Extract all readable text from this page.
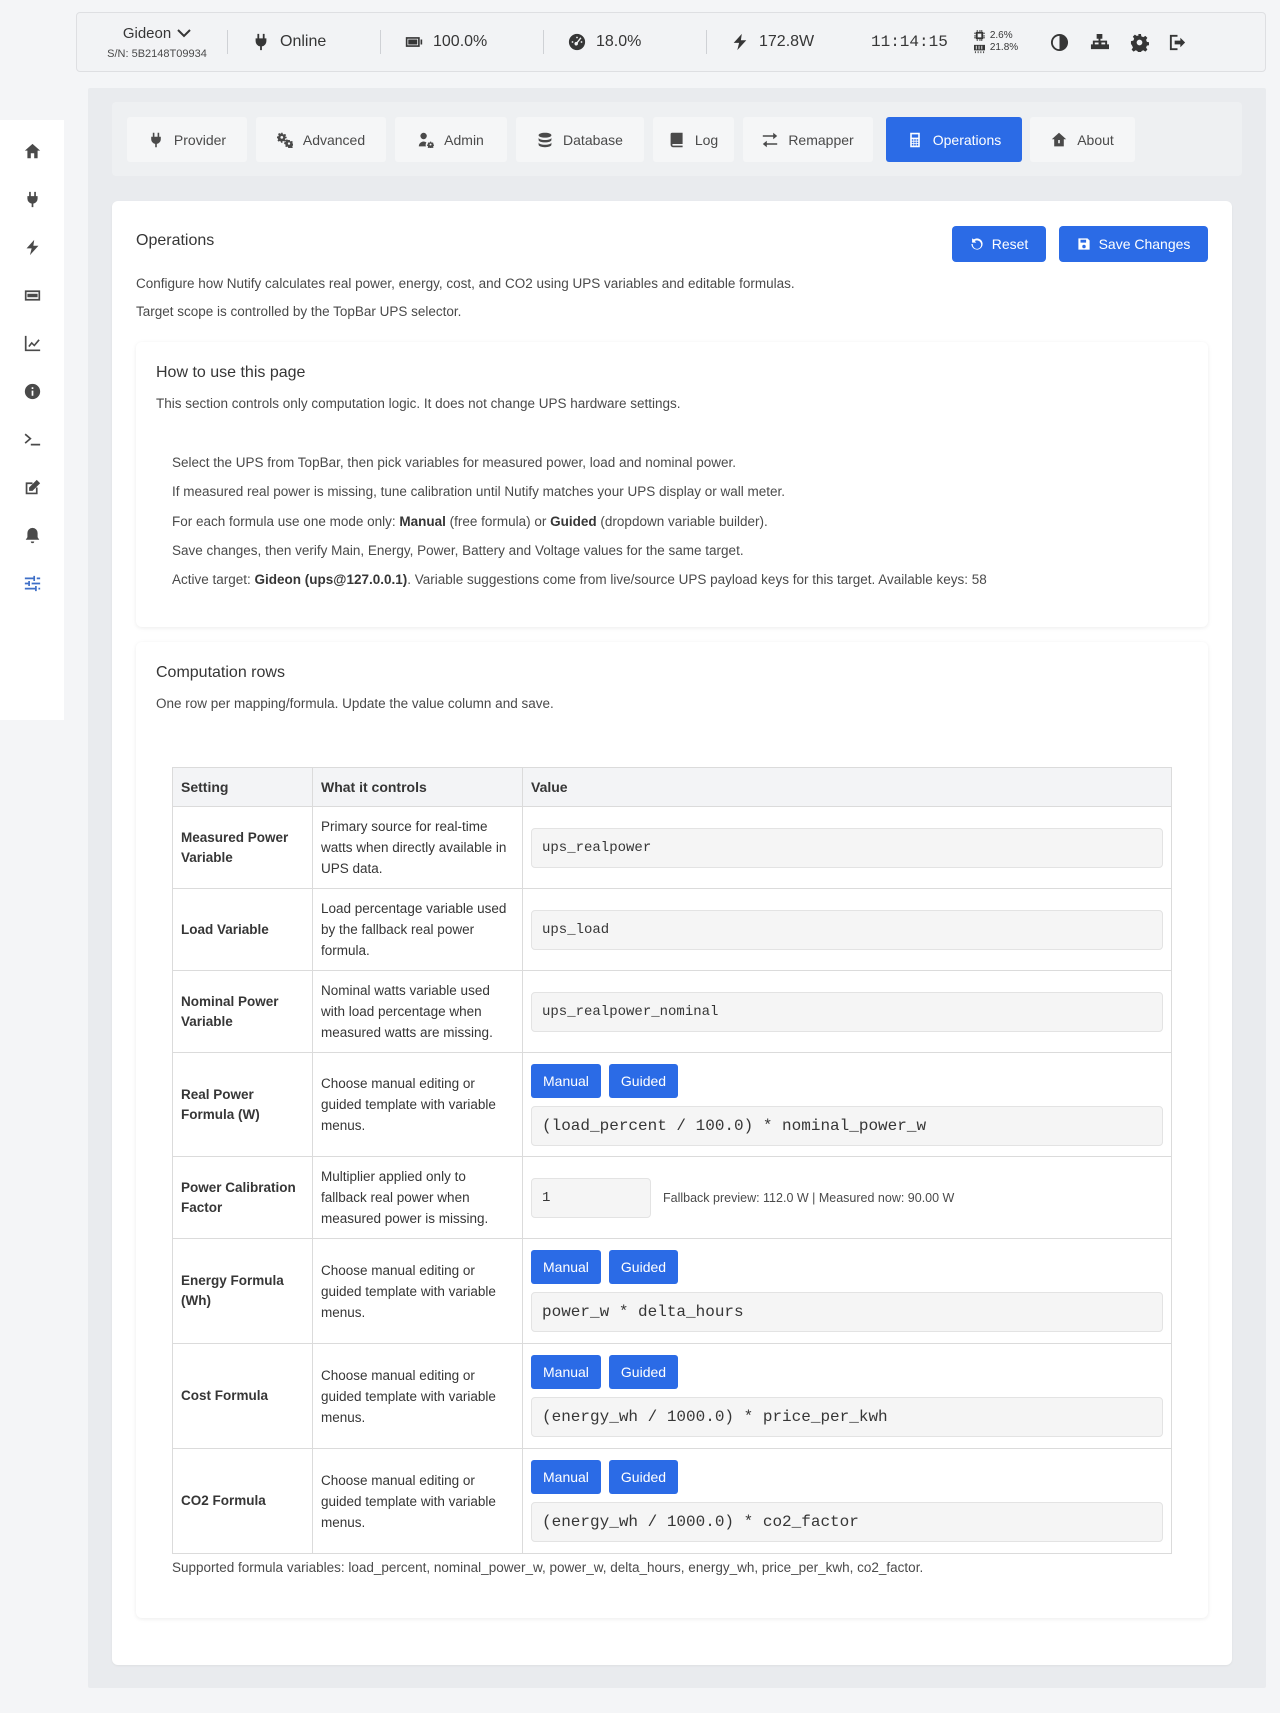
Gideon
S/N: 5B2148T09934
Online	100.0%	18.0%	172.8W	11:14:15	2.6%
21.8%
Provider	Advanced	Admin	Database	Log	Remapper	Operations	About
Operations	Reset	Save Changes
Configure how Nutify calculates real power, energy, cost, and CO2 using UPS variables and editable formulas.
Target scope is controlled by the TopBar UPS selector.
How to use this page
This section controls only computation logic. It does not change UPS hardware settings.
Select the UPS from TopBar, then pick variables for measured power, load and nominal power.
If measured real power is missing, tune calibration until Nutify matches your UPS display or wall meter.
For each formula use one mode only: Manual (free formula) or Guided (dropdown variable builder).
Save changes, then verify Main, Energy, Power, Battery and Voltage values for the same target.
Active target: Gideon (ups@127.0.0.1). Variable suggestions come from live/source UPS payload keys for this target. Available keys: 58
Computation rows
One row per mapping/formula. Update the value column and save.
Setting	What it controls	Value
Measured Power Variable	Primary source for real-time watts when directly available in UPS data.	ups_realpower

Load Variable	Load percentage variable used by the fallback real power formula.	ups_load

Nominal Power Variable	Nominal watts variable used with load percentage when measured watts are missing.	ups_realpower_nominal

Real Power Formula (W)	Choose manual editing or guided template with variable menus.	Manual Guided
(load_percent / 100.0) * nominal_power_w

Power Calibration Factor	Multiplier applied only to fallback real power when measured power is missing.	1 Fallback preview: 112.0 W | Measured now: 90.00 W

Energy Formula (Wh)	Choose manual editing or guided template with variable menus.	Manual Guided
power_w * delta_hours

Cost Formula	Choose manual editing or guided template with variable menus.	Manual Guided
(energy_wh / 1000.0) * price_per_kwh

CO2 Formula	Choose manual editing or guided template with variable menus.	Manual Guided
(energy_wh / 1000.0) * co2_factor
Supported formula variables: load_percent, nominal_power_w, power_w, delta_hours, energy_wh, price_per_kwh, co2_factor.
